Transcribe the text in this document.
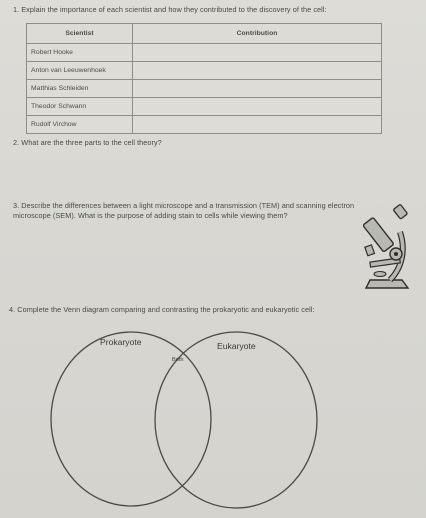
1. Explain the importance of each scientist and how they contributed to the discovery of the cell:
Scientist	Contribution
Robert Hooke	
Anton van Leeuwenhoek	
Matthias Schleiden	
Theodor Schwann	
Rudolf Virchow	
2. What are the three parts to the cell theory?
3. Describe the differences between a light microscope and a transmission (TEM) and scanning electron microscope (SEM). What is the purpose of adding stain to cells while viewing them?
4. Complete the Venn diagram comparing and contrasting the prokaryotic and eukaryotic cell:
Prokaryote	Eukaryote
Both
